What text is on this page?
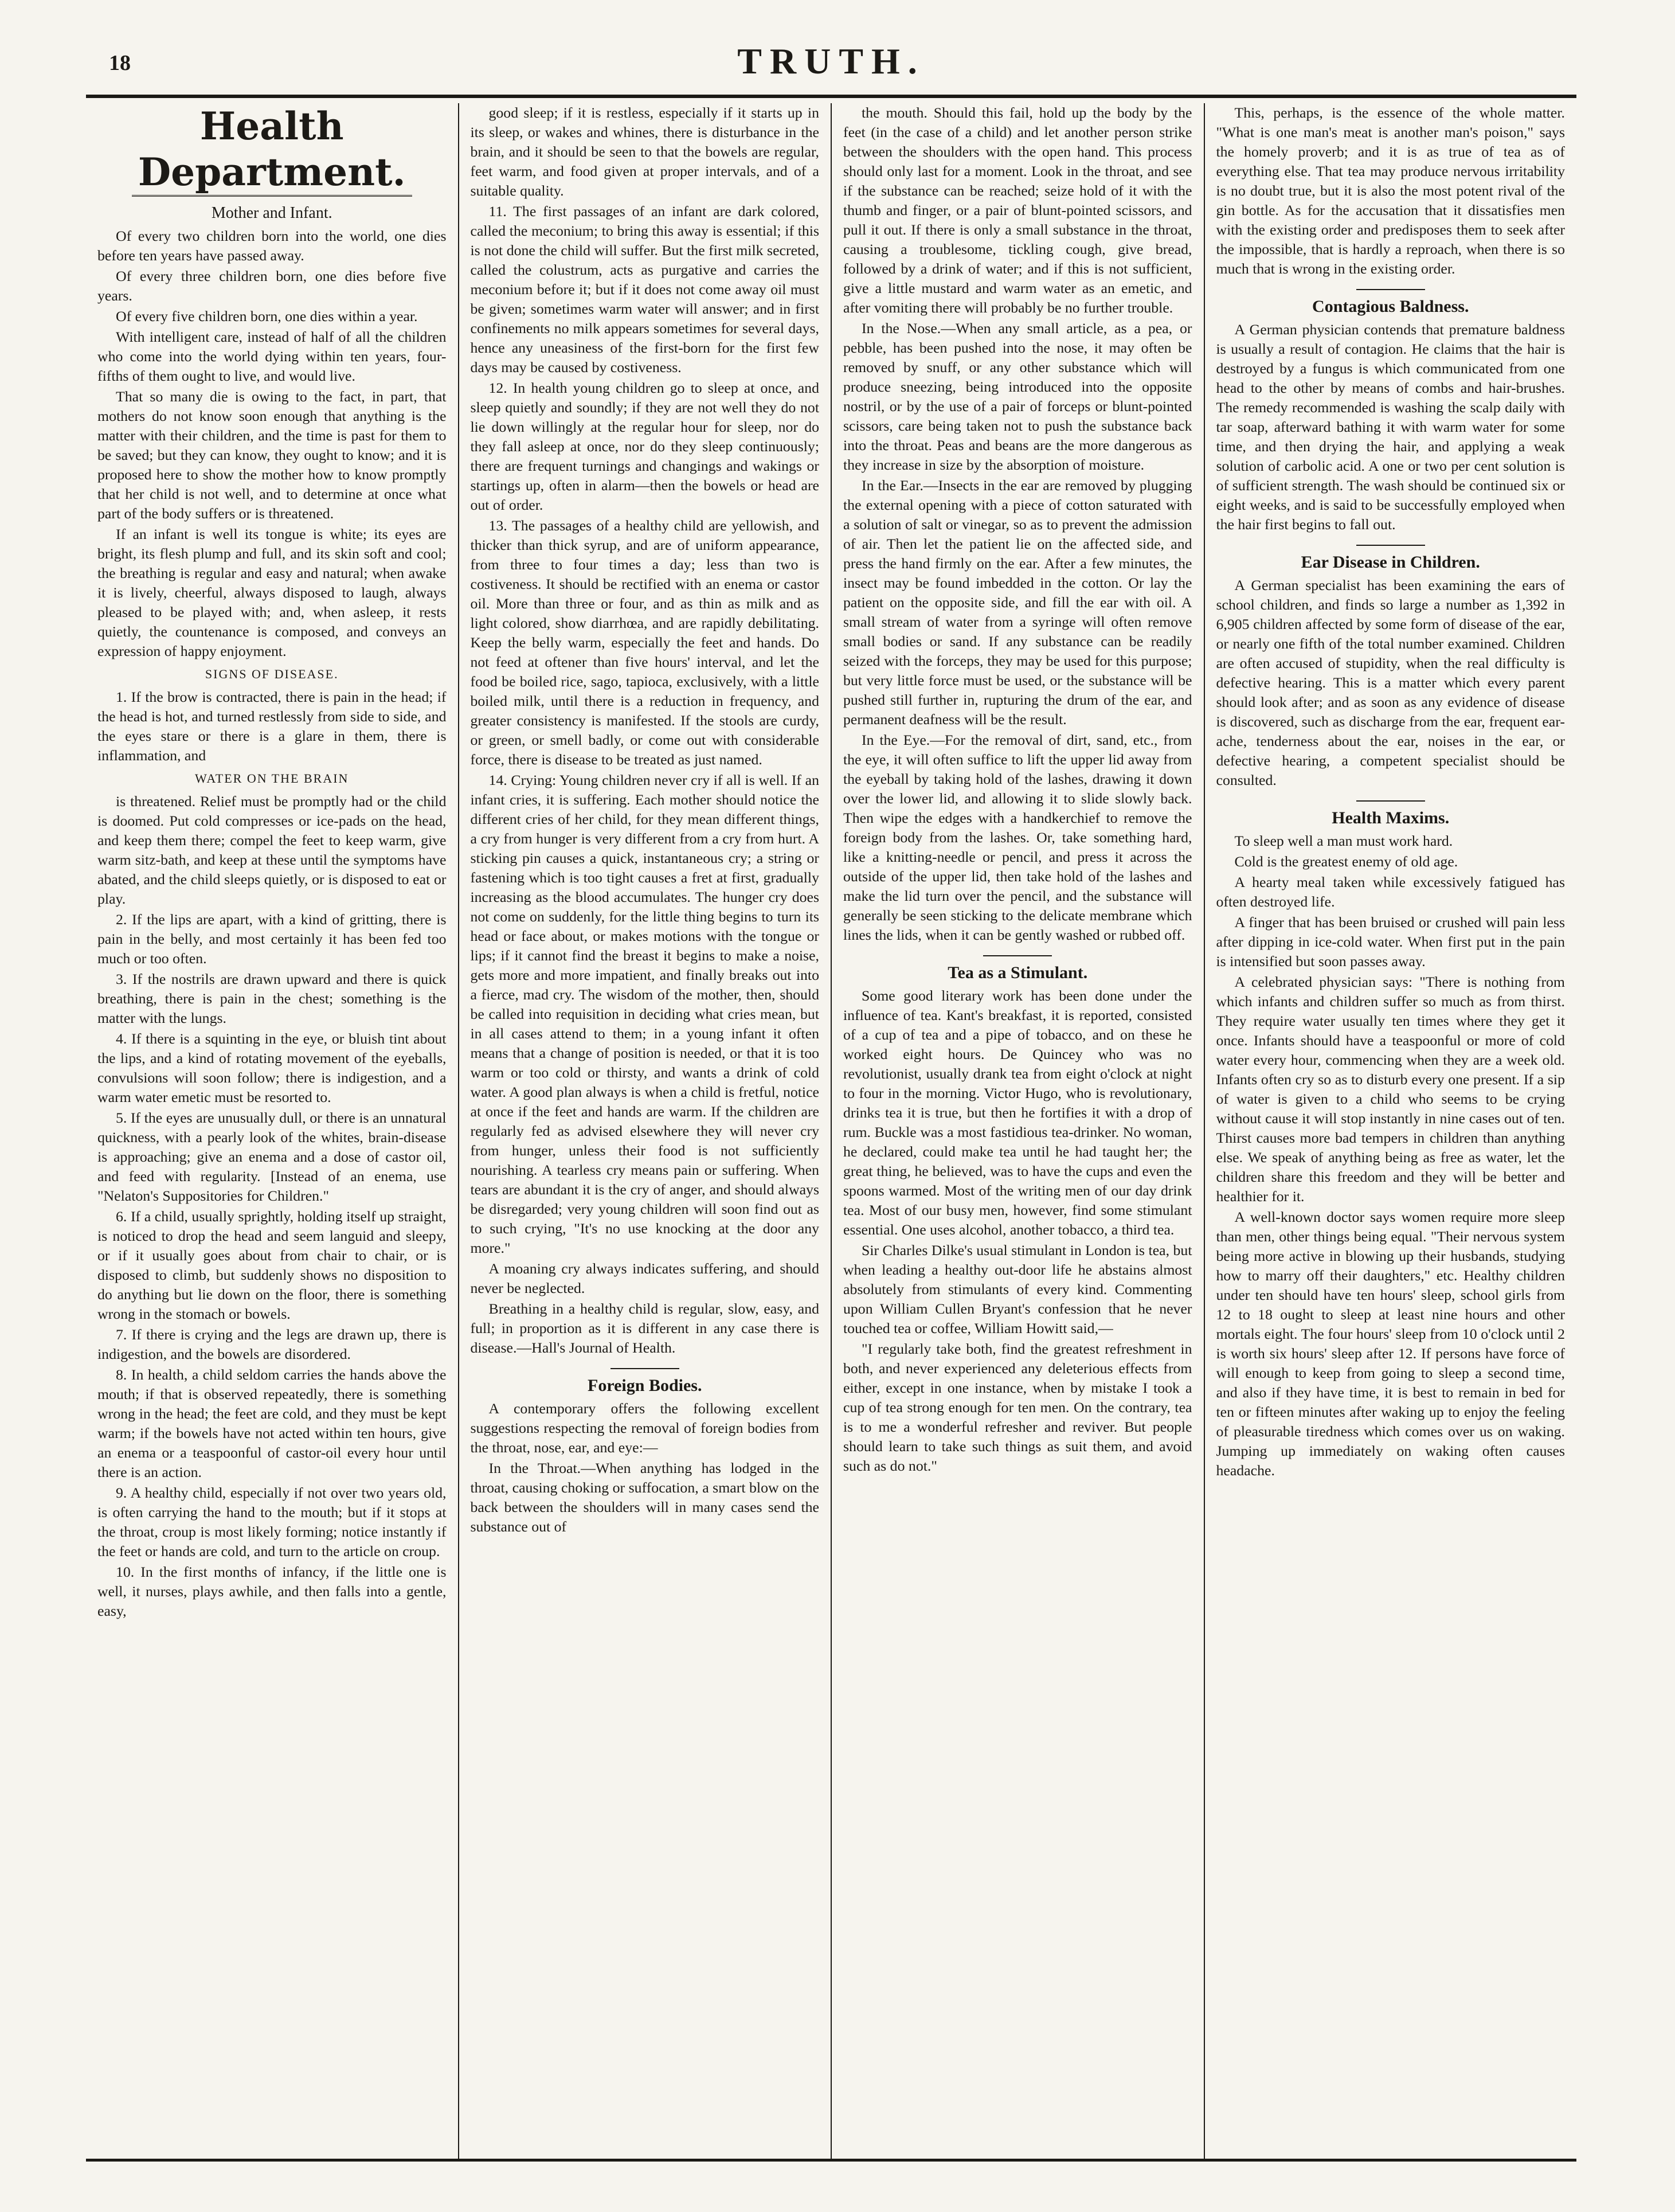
18	TRUTH.
Health Department.
Mother and Infant.

Of every two children born into the world, one dies before ten years have passed away.

Of every three children born, one dies before five years.

Of every five children born, one dies within a year.

With intelligent care, instead of half of all the children who come into the world dying within ten years, four-fifths of them ought to live, and would live.

That so many die is owing to the fact, in part, that mothers do not know soon enough that anything is the matter with their children, and the time is past for them to be saved; but they can know, they ought to know; and it is proposed here to show the mother how to know promptly that her child is not well, and to determine at once what part of the body suffers or is threatened.

If an infant is well its tongue is white; its eyes are bright, its flesh plump and full, and its skin soft and cool; the breathing is regular and easy and natural; when awake it is lively, cheerful, always disposed to laugh, always pleased to be played with; and, when asleep, it rests quietly, the countenance is composed, and conveys an expression of happy enjoyment.

SIGNS OF DISEASE.

1. If the brow is contracted, there is pain in the head; if the head is hot, and turned restlessly from side to side, and the eyes stare or there is a glare in them, there is inflammation, and

WATER ON THE BRAIN

is threatened. Relief must be promptly had or the child is doomed. Put cold compresses or ice-pads on the head, and keep them there; compel the feet to keep warm, give warm sitz-bath, and keep at these until the symptoms have abated, and the child sleeps quietly, or is disposed to eat or play.

2. If the lips are apart, with a kind of gritting, there is pain in the belly, and most certainly it has been fed too much or too often.

3. If the nostrils are drawn upward and there is quick breathing, there is pain in the chest; something is the matter with the lungs.

4. If there is a squinting in the eye, or bluish tint about the lips, and a kind of rotating movement of the eyeballs, convulsions will soon follow; there is indigestion, and a warm water emetic must be resorted to.

5. If the eyes are unusually dull, or there is an unnatural quickness, with a pearly look of the whites, brain-disease is approaching; give an enema and a dose of castor oil, and feed with regularity. [Instead of an enema, use "Nelaton's Suppositories for Children."

6. If a child, usually sprightly, holding itself up straight, is noticed to drop the head and seem languid and sleepy, or if it usually goes about from chair to chair, or is disposed to climb, but suddenly shows no disposition to do anything but lie down on the floor, there is something wrong in the stomach or bowels.

7. If there is crying and the legs are drawn up, there is indigestion, and the bowels are disordered.

8. In health, a child seldom carries the hands above the mouth; if that is observed repeatedly, there is something wrong in the head; the feet are cold, and they must be kept warm; if the bowels have not acted within ten hours, give an enema or a teaspoonful of castor-oil every hour until there is an action.

9. A healthy child, especially if not over two years old, is often carrying the hand to the mouth; but if it stops at the throat, croup is most likely forming; notice instantly if the feet or hands are cold, and turn to the article on croup.

10. In the first months of infancy, if the little one is well, it nurses, plays awhile, and then falls into a gentle, easy,

good sleep; if it is restless, especially if it starts up in its sleep, or wakes and whines, there is disturbance in the brain, and it should be seen to that the bowels are regular, feet warm, and food given at proper intervals, and of a suitable quality.

11. The first passages of an infant are dark colored, called the meconium; to bring this away is essential; if this is not done the child will suffer. But the first milk secreted, called the colustrum, acts as purgative and carries the meconium before it; but if it does not come away oil must be given; sometimes warm water will answer; and in first confinements no milk appears sometimes for several days, hence any uneasiness of the first-born for the first few days may be caused by costiveness.

12. In health young children go to sleep at once, and sleep quietly and soundly; if they are not well they do not lie down willingly at the regular hour for sleep, nor do they fall asleep at once, nor do they sleep continuously; there are frequent turnings and changings and wakings or startings up, often in alarm—then the bowels or head are out of order.

13. The passages of a healthy child are yellowish, and thicker than thick syrup, and are of uniform appearance, from three to four times a day; less than two is costiveness. It should be rectified with an enema or castor oil. More than three or four, and as thin as milk and as light colored, show diarrhœa, and are rapidly debilitating. Keep the belly warm, especially the feet and hands. Do not feed at oftener than five hours' interval, and let the food be boiled rice, sago, tapioca, exclusively, with a little boiled milk, until there is a reduction in frequency, and greater consistency is manifested. If the stools are curdy, or green, or smell badly, or come out with considerable force, there is disease to be treated as just named.

14. Crying: Young children never cry if all is well. If an infant cries, it is suffering. Each mother should notice the different cries of her child, for they mean different things, a cry from hunger is very different from a cry from hurt. A sticking pin causes a quick, instantaneous cry; a string or fastening which is too tight causes a fret at first, gradually increasing as the blood accumulates. The hunger cry does not come on suddenly, for the little thing begins to turn its head or face about, or makes motions with the tongue or lips; if it cannot find the breast it begins to make a noise, gets more and more impatient, and finally breaks out into a fierce, mad cry. The wisdom of the mother, then, should be called into requisition in deciding what cries mean, but in all cases attend to them; in a young infant it often means that a change of position is needed, or that it is too warm or too cold or thirsty, and wants a drink of cold water. A good plan always is when a child is fretful, notice at once if the feet and hands are warm. If the children are regularly fed as advised elsewhere they will never cry from hunger, unless their food is not sufficiently nourishing. A tearless cry means pain or suffering. When tears are abundant it is the cry of anger, and should always be disregarded; very young children will soon find out as to such crying, "It's no use knocking at the door any more."

A moaning cry always indicates suffering, and should never be neglected.

Breathing in a healthy child is regular, slow, easy, and full; in proportion as it is different in any case there is disease.—Hall's Journal of Health.

Foreign Bodies.

A contemporary offers the following excellent suggestions respecting the removal of foreign bodies from the throat, nose, ear, and eye:—

In the Throat.—When anything has lodged in the throat, causing choking or suffocation, a smart blow on the back between the shoulders will in many cases send the substance out of

the mouth. Should this fail, hold up the body by the feet (in the case of a child) and let another person strike between the shoulders with the open hand. This process should only last for a moment. Look in the throat, and see if the substance can be reached; seize hold of it with the thumb and finger, or a pair of blunt-pointed scissors, and pull it out. If there is only a small substance in the throat, causing a troublesome, tickling cough, give bread, followed by a drink of water; and if this is not sufficient, give a little mustard and warm water as an emetic, and after vomiting there will probably be no further trouble.

In the Nose.—When any small article, as a pea, or pebble, has been pushed into the nose, it may often be removed by snuff, or any other substance which will produce sneezing, being introduced into the opposite nostril, or by the use of a pair of forceps or blunt-pointed scissors, care being taken not to push the substance back into the throat. Peas and beans are the more dangerous as they increase in size by the absorption of moisture.

In the Ear.—Insects in the ear are removed by plugging the external opening with a piece of cotton saturated with a solution of salt or vinegar, so as to prevent the admission of air. Then let the patient lie on the affected side, and press the hand firmly on the ear. After a few minutes, the insect may be found imbedded in the cotton. Or lay the patient on the opposite side, and fill the ear with oil. A small stream of water from a syringe will often remove small bodies or sand. If any substance can be readily seized with the forceps, they may be used for this purpose; but very little force must be used, or the substance will be pushed still further in, rupturing the drum of the ear, and permanent deafness will be the result.

In the Eye.—For the removal of dirt, sand, etc., from the eye, it will often suffice to lift the upper lid away from the eyeball by taking hold of the lashes, drawing it down over the lower lid, and allowing it to slide slowly back. Then wipe the edges with a handkerchief to remove the foreign body from the lashes. Or, take something hard, like a knitting-needle or pencil, and press it across the outside of the upper lid, then take hold of the lashes and make the lid turn over the pencil, and the substance will generally be seen sticking to the delicate membrane which lines the lids, when it can be gently washed or rubbed off.

Tea as a Stimulant.

Some good literary work has been done under the influence of tea. Kant's breakfast, it is reported, consisted of a cup of tea and a pipe of tobacco, and on these he worked eight hours. De Quincey who was no revolutionist, usually drank tea from eight o'clock at night to four in the morning. Victor Hugo, who is revolutionary, drinks tea it is true, but then he fortifies it with a drop of rum. Buckle was a most fastidious tea-drinker. No woman, he declared, could make tea until he had taught her; the great thing, he believed, was to have the cups and even the spoons warmed. Most of the writing men of our day drink tea. Most of our busy men, however, find some stimulant essential. One uses alcohol, another tobacco, a third tea.

Sir Charles Dilke's usual stimulant in London is tea, but when leading a healthy out-door life he abstains almost absolutely from stimulants of every kind. Commenting upon William Cullen Bryant's confession that he never touched tea or coffee, William Howitt said,—

"I regularly take both, find the greatest refreshment in both, and never experienced any deleterious effects from either, except in one instance, when by mistake I took a cup of tea strong enough for ten men. On the contrary, tea is to me a wonderful refresher and reviver. But people should learn to take such things as suit them, and avoid such as do not."

This, perhaps, is the essence of the whole matter. "What is one man's meat is another man's poison," says the homely proverb; and it is as true of tea as of everything else. That tea may produce nervous irritability is no doubt true, but it is also the most potent rival of the gin bottle. As for the accusation that it dissatisfies men with the existing order and predisposes them to seek after the impossible, that is hardly a reproach, when there is so much that is wrong in the existing order.

Contagious Baldness.

A German physician contends that premature baldness is usually a result of contagion. He claims that the hair is destroyed by a fungus is which communicated from one head to the other by means of combs and hair-brushes. The remedy recommended is washing the scalp daily with tar soap, afterward bathing it with warm water for some time, and then drying the hair, and applying a weak solution of carbolic acid. A one or two per cent solution is of sufficient strength. The wash should be continued six or eight weeks, and is said to be successfully employed when the hair first begins to fall out.

Ear Disease in Children.

A German specialist has been examining the ears of school children, and finds so large a number as 1,392 in 6,905 children affected by some form of disease of the ear, or nearly one fifth of the total number examined. Children are often accused of stupidity, when the real difficulty is defective hearing. This is a matter which every parent should look after; and as soon as any evidence of disease is discovered, such as discharge from the ear, frequent ear-ache, tenderness about the ear, noises in the ear, or defective hearing, a competent specialist should be consulted.

Health Maxims.

To sleep well a man must work hard.

Cold is the greatest enemy of old age.

A hearty meal taken while excessively fatigued has often destroyed life.

A finger that has been bruised or crushed will pain less after dipping in ice-cold water. When first put in the pain is intensified but soon passes away.

A celebrated physician says: "There is nothing from which infants and children suffer so much as from thirst. They require water usually ten times where they get it once. Infants should have a teaspoonful or more of cold water every hour, commencing when they are a week old. Infants often cry so as to disturb every one present. If a sip of water is given to a child who seems to be crying without cause it will stop instantly in nine cases out of ten. Thirst causes more bad tempers in children than anything else. We speak of anything being as free as water, let the children share this freedom and they will be better and healthier for it.

A well-known doctor says women require more sleep than men, other things being equal. "Their nervous system being more active in blowing up their husbands, studying how to marry off their daughters," etc. Healthy children under ten should have ten hours' sleep, school girls from 12 to 18 ought to sleep at least nine hours and other mortals eight. The four hours' sleep from 10 o'clock until 2 is worth six hours' sleep after 12. If persons have force of will enough to keep from going to sleep a second time, and also if they have time, it is best to remain in bed for ten or fifteen minutes after waking up to enjoy the feeling of pleasurable tiredness which comes over us on waking. Jumping up immediately on waking often causes headache.
